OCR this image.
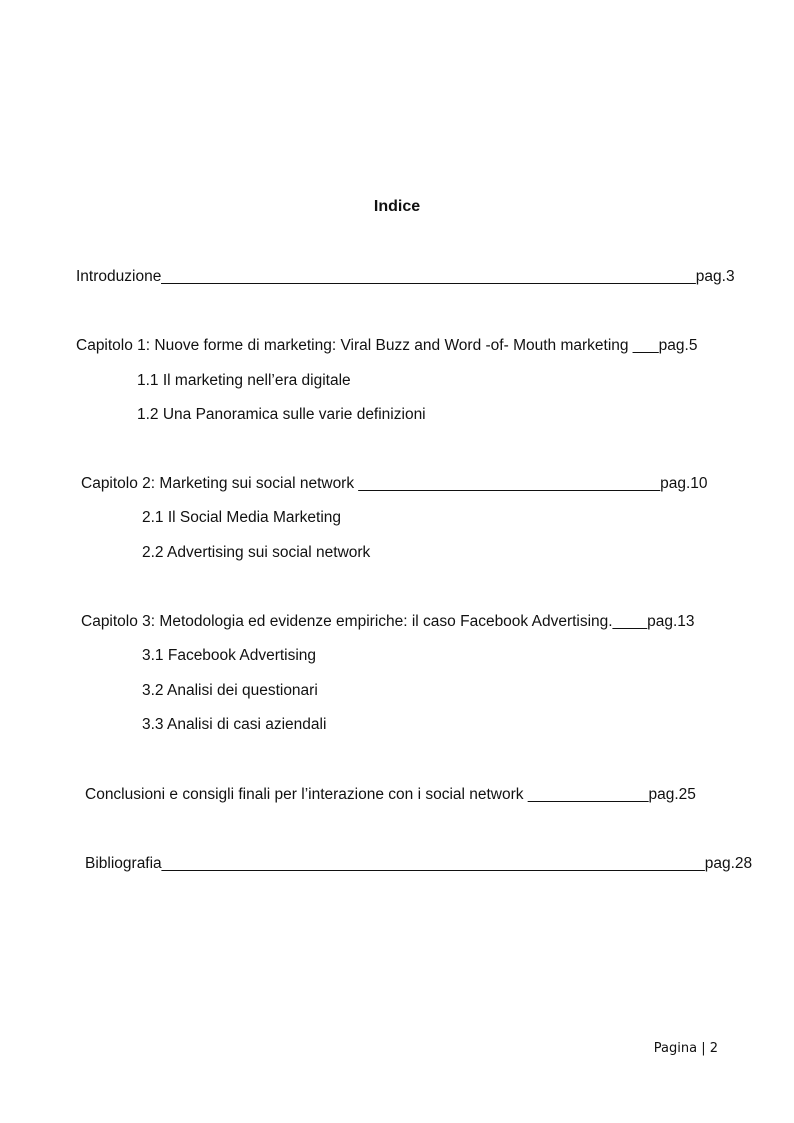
Indice
Introduzione______________________________________________________________pag.3
Capitolo 1: Nuove forme di marketing: Viral Buzz and Word -of- Mouth marketing ___pag.5
1.1 Il marketing nell’era digitale
1.2 Una Panoramica sulle varie definizioni
Capitolo 2: Marketing sui social network ___________________________________pag.10
2.1 Il Social Media Marketing
2.2 Advertising sui social network
Capitolo 3: Metodologia ed evidenze empiriche: il caso Facebook Advertising.____pag.13
3.1 Facebook Advertising
3.2 Analisi dei questionari
3.3 Analisi di casi aziendali
Conclusioni e consigli finali per l’interazione con i social network ______________pag.25
Bibliografia_______________________________________________________________pag.28
Pagina | 2
